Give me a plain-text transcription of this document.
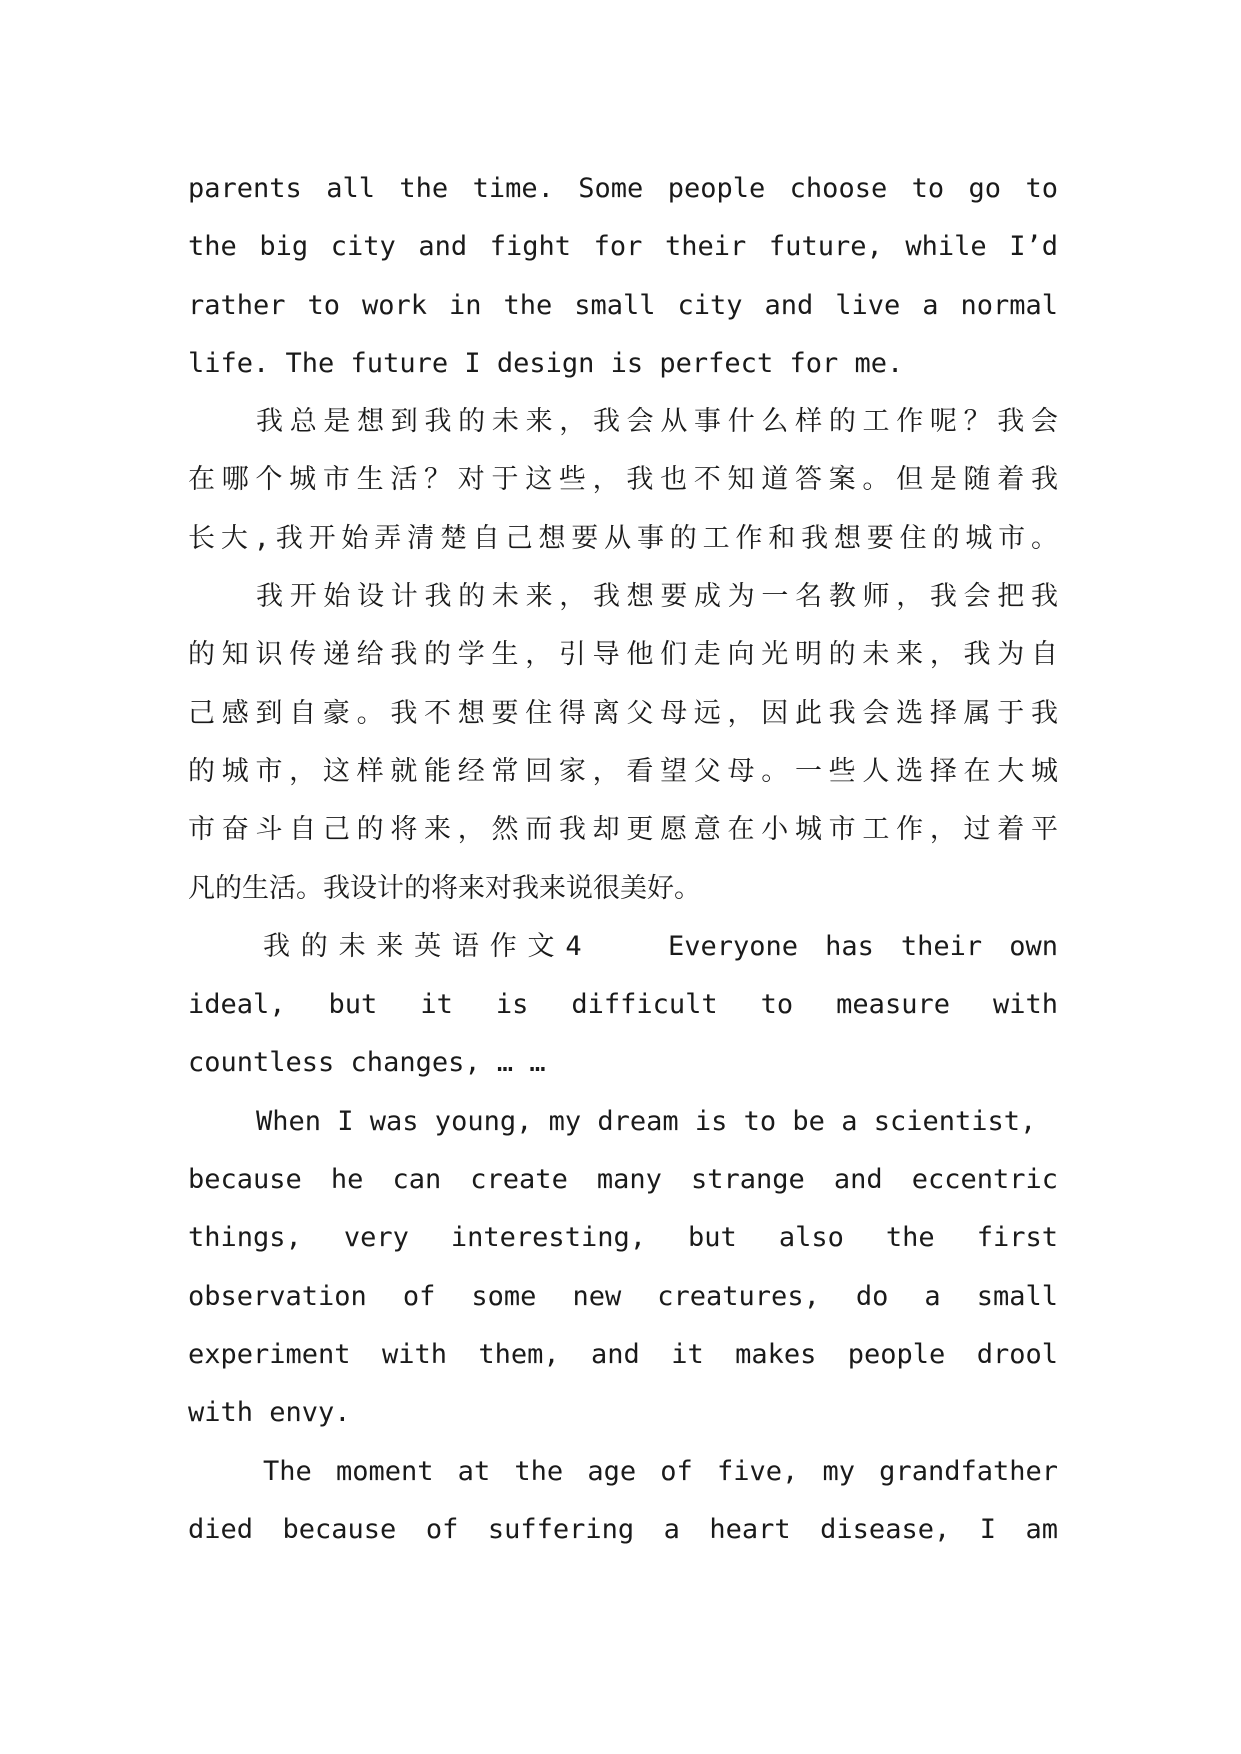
parents all the time. Some people choose to go to
the big city and fight for their future, while I’d
rather to work in the small city and live a normal
life. The future I design is perfect for me.
我总是想到我的未来，我会从事什么样的工作呢？我会
在哪个城市生活？对于这些，我也不知道答案。但是随着我
长大,我开始弄清楚自己想要从事的工作和我想要住的城市。
我开始设计我的未来，我想要成为一名教师，我会把我
的知识传递给我的学生，引导他们走向光明的未来，我为自
己感到自豪。我不想要住得离父母远，因此我会选择属于我
的城市，这样就能经常回家，看望父母。一些人选择在大城
市奋斗自己的将来，然而我却更愿意在小城市工作，过着平
凡的生活。我设计的将来对我来说很美好。
我的未来英语作文4　　Everyone has their own
ideal, but it is difficult to measure with
countless changes, … …
When I was young, my dream is to be a scientist,
because he can create many strange and eccentric
things, very interesting, but also the first
observation of some new creatures, do a small
experiment with them, and it makes people drool
with envy.
The moment at the age of five, my grandfather
died because of suffering a heart disease, I am
